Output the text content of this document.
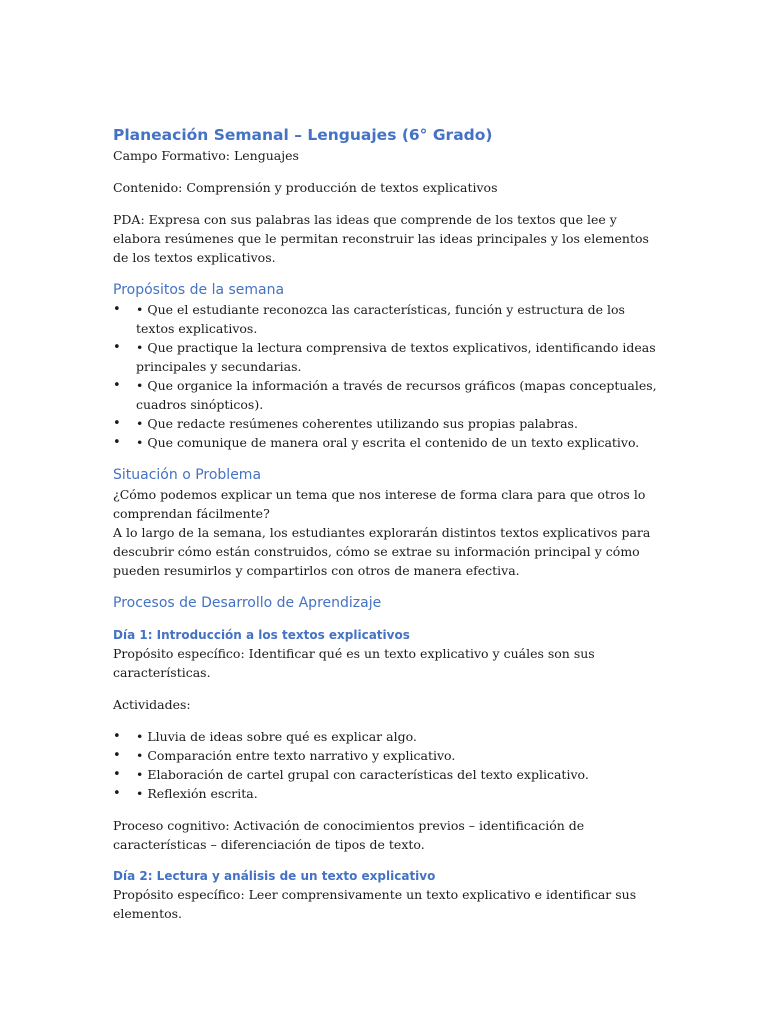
Planeación Semanal – Lenguajes (6° Grado)

Campo Formativo: Lenguajes

Contenido: Comprensión y producción de textos explicativos

PDA: Expresa con sus palabras las ideas que comprende de los textos que lee y elabora resúmenes que le permitan reconstruir las ideas principales y los elementos de los textos explicativos.

Propósitos de la semana
• • Que el estudiante reconozca las características, función y estructura de los textos explicativos.
• • Que practique la lectura comprensiva de textos explicativos, identificando ideas principales y secundarias.
• • Que organice la información a través de recursos gráficos (mapas conceptuales, cuadros sinópticos).
• • Que redacte resúmenes coherentes utilizando sus propias palabras.
• • Que comunique de manera oral y escrita el contenido de un texto explicativo.
Situación o Problema

¿Cómo podemos explicar un tema que nos interese de forma clara para que otros lo comprendan fácilmente?

A lo largo de la semana, los estudiantes explorarán distintos textos explicativos para descubrir cómo están construidos, cómo se extrae su información principal y cómo pueden resumirlos y compartirlos con otros de manera efectiva.

Procesos de Desarrollo de Aprendizaje
Día 1: Introducción a los textos explicativos

Propósito específico: Identificar qué es un texto explicativo y cuáles son sus características.

Actividades:

• • Lluvia de ideas sobre qué es explicar algo.
• • Comparación entre texto narrativo y explicativo.
• • Elaboración de cartel grupal con características del texto explicativo.
• • Reflexión escrita.

Proceso cognitivo: Activación de conocimientos previos – identificación de características – diferenciación de tipos de texto.

Día 2: Lectura y análisis de un texto explicativo

Propósito específico: Leer comprensivamente un texto explicativo e identificar sus elementos.
